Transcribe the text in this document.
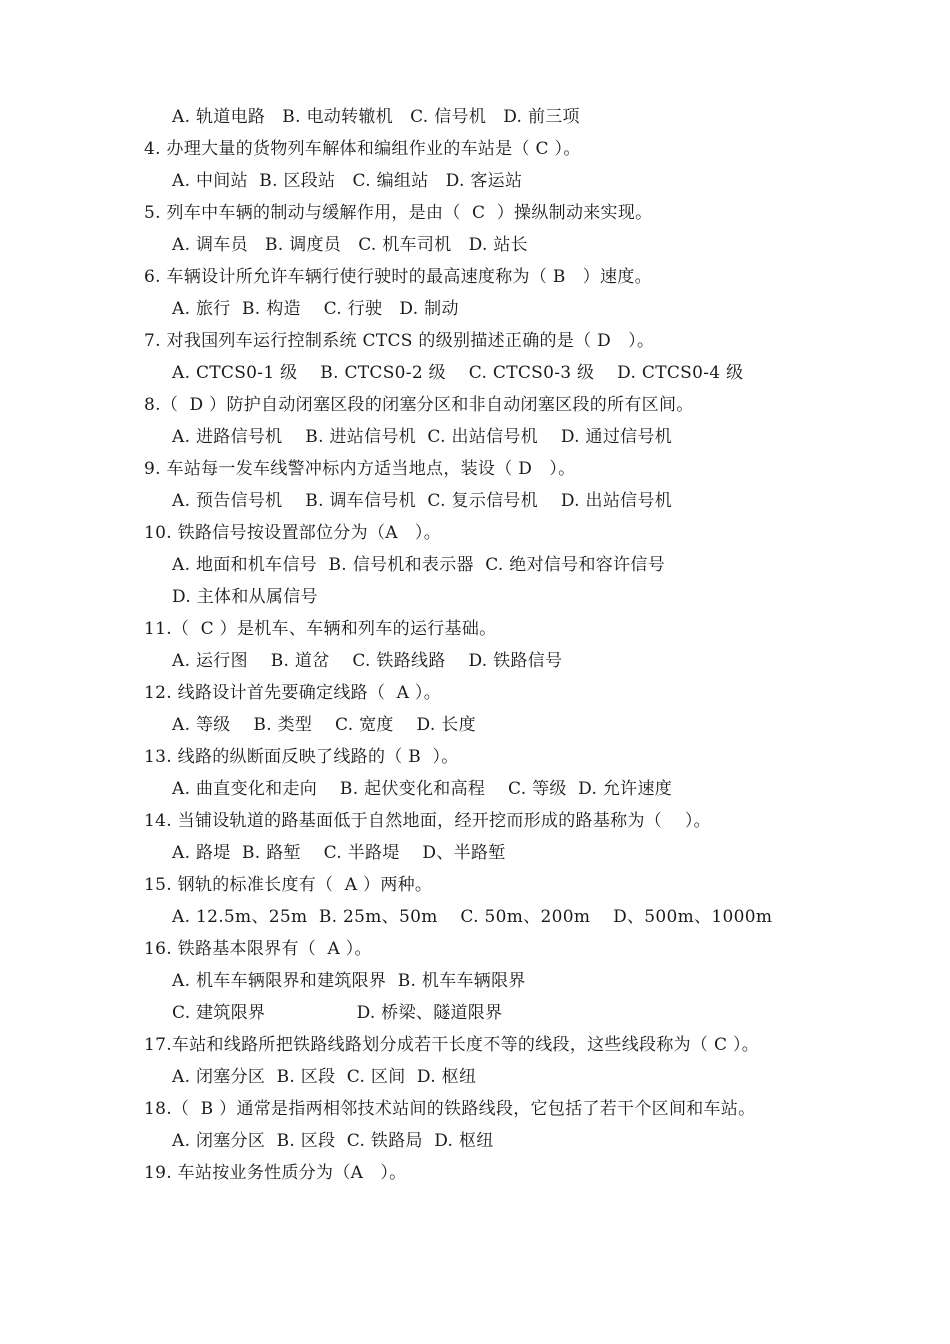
A. 轨道电路   B. 电动转辙机   C. 信号机   D. 前三项
4. 办理大量的货物列车解体和编组作业的车站是（ C ）。
A. 中间站  B. 区段站   C. 编组站   D. 客运站
5. 列车中车辆的制动与缓解作用，是由（  C  ）操纵制动来实现。
A. 调车员   B. 调度员   C. 机车司机   D. 站长
6. 车辆设计所允许车辆行使行驶时的最高速度称为（ B   ）速度。
A. 旅行  B. 构造    C. 行驶   D. 制动
7. 对我国列车运行控制系统 CTCS 的级别描述正确的是（ D   ）。
A. CTCS0-1 级    B. CTCS0-2 级    C. CTCS0-3 级    D. CTCS0-4 级
8.（  D ）防护自动闭塞区段的闭塞分区和非自动闭塞区段的所有区间。
A. 进路信号机    B. 进站信号机  C. 出站信号机    D. 通过信号机
9. 车站每一发车线警冲标内方适当地点，装设（ D   ）。
A. 预告信号机    B. 调车信号机  C. 复示信号机    D. 出站信号机
10. 铁路信号按设置部位分为（A   ）。
A. 地面和机车信号  B. 信号机和表示器  C. 绝对信号和容许信号
D. 主体和从属信号
11.（  C ）是机车、车辆和列车的运行基础。
A. 运行图    B. 道岔    C. 铁路线路    D. 铁路信号
12. 线路设计首先要确定线路（  A ）。
A. 等级    B. 类型    C. 宽度    D. 长度
13. 线路的纵断面反映了线路的（ B  ）。
A. 曲直变化和走向    B. 起伏变化和高程    C. 等级  D. 允许速度
14. 当铺设轨道的路基面低于自然地面，经开挖而形成的路基称为（    ）。
A. 路堤  B. 路堑    C. 半路堤    D、半路堑
15. 钢轨的标准长度有（  A ）两种。
A. 12.5m、25m  B. 25m、50m    C. 50m、200m    D、500m、1000m
16. 铁路基本限界有（  A ）。
A. 机车车辆限界和建筑限界  B. 机车车辆限界
C. 建筑限界                D. 桥梁、隧道限界
17.车站和线路所把铁路线路划分成若干长度不等的线段，这些线段称为（ C ）。
A. 闭塞分区  B. 区段  C. 区间  D. 枢纽
18.（  B ）通常是指两相邻技术站间的铁路线段，它包括了若干个区间和车站。
A. 闭塞分区  B. 区段  C. 铁路局  D. 枢纽
19. 车站按业务性质分为（A   ）。
